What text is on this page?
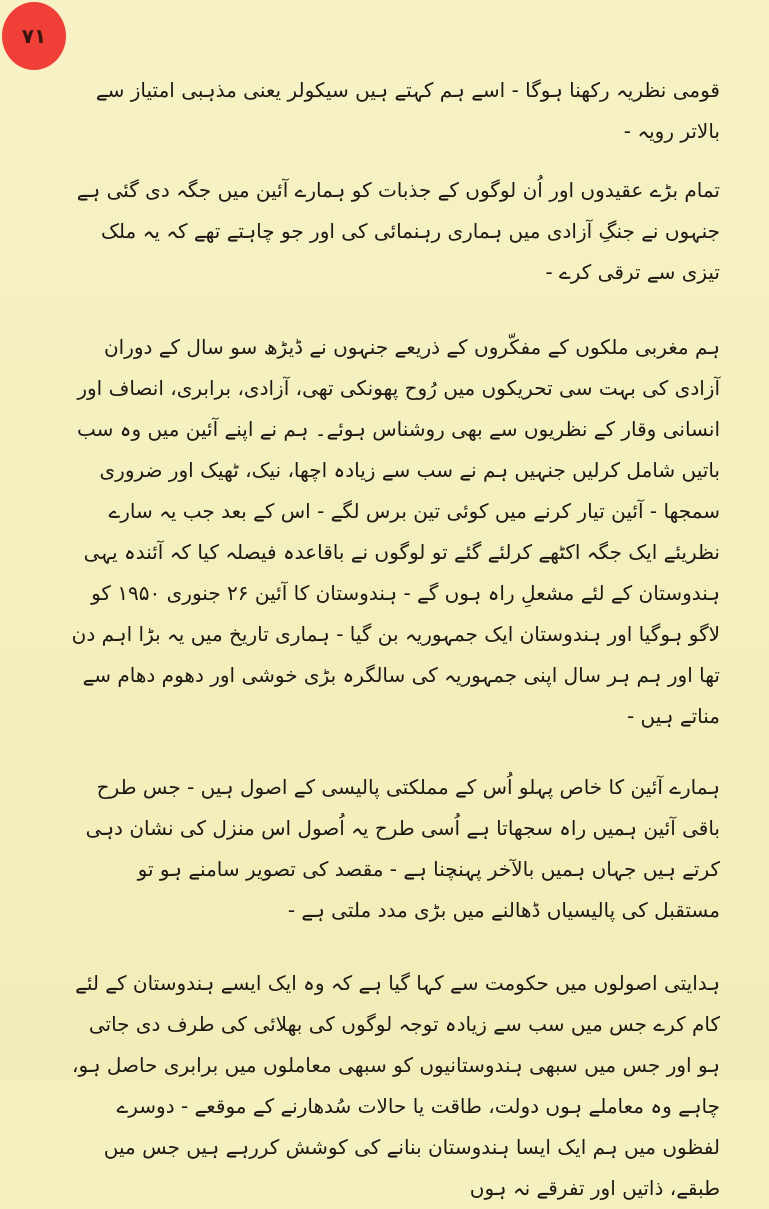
۷۱

قومی نظریہ رکھنا ہوگا - اسے ہم کہتے ہیں سیکولر یعنی مذہبی امتیاز سے بالاتر رویہ -

تمام بڑے عقیدوں اور اُن لوگوں کے جذبات کو ہمارے آئین میں جگہ دی گئی ہے جنہوں نے جنگِ آزادی میں ہماری رہنمائی کی اور جو چاہتے تھے کہ یہ ملک تیزی سے ترقی کرے -

ہم مغربی ملکوں کے مفکّروں کے ذریعے جنہوں نے ڈیڑھ سو سال کے دوران آزادی کی بہت سی تحریکوں میں رُوح پھونکی تھی، آزادی، برابری، انصاف اور انسانی وقار کے نظریوں سے بھی روشناس ہوئے۔ ہم نے اپنے آئین میں وہ سب باتیں شامل کرلیں جنہیں ہم نے سب سے زیادہ اچھا، نیک، ٹھیک اور ضروری سمجھا - آئین تیار کرنے میں کوئی تین برس لگے - اس کے بعد جب یہ سارے نظریئے ایک جگہ اکٹھے کرلئے گئے تو لوگوں نے باقاعدہ فیصلہ کیا کہ آئندہ یہی ہندوستان کے لئے مشعلِ راہ ہوں گے - ہندوستان کا آئین ۲۶ جنوری ۱۹۵۰ کو لاگو ہوگیا اور ہندوستان ایک جمہوریہ بن گیا - ہماری تاریخ میں یہ بڑا اہم دن تھا اور ہم ہر سال اپنی جمہوریہ کی سالگرہ بڑی خوشی اور دھوم دھام سے مناتے ہیں -

ہمارے آئین کا خاص پہلو اُس کے مملکتی پالیسی کے اصول ہیں - جس طرح باقی آئین ہمیں راہ سجھاتا ہے اُسی طرح یہ اُصول اس منزل کی نشان دہی کرتے ہیں جہاں ہمیں بالآخر پہنچنا ہے - مقصد کی تصویر سامنے ہو تو مستقبل کی پالیسیاں ڈھالنے میں بڑی مدد ملتی ہے -

ہدایتی اصولوں میں حکومت سے کہا گیا ہے کہ وہ ایک ایسے ہندوستان کے لئے کام کرے جس میں سب سے زیادہ توجہ لوگوں کی بھلائی کی طرف دی جاتی ہو اور جس میں سبھی ہندوستانیوں کو سبھی معاملوں میں برابری حاصل ہو، چاہے وہ معاملے ہوں دولت، طاقت یا حالات سُدھارنے کے موقعے - دوسرے لفظوں میں ہم ایک ایسا ہندوستان بنانے کی کوشش کررہے ہیں جس میں طبقے، ذاتیں اور تفرقے نہ ہوں
